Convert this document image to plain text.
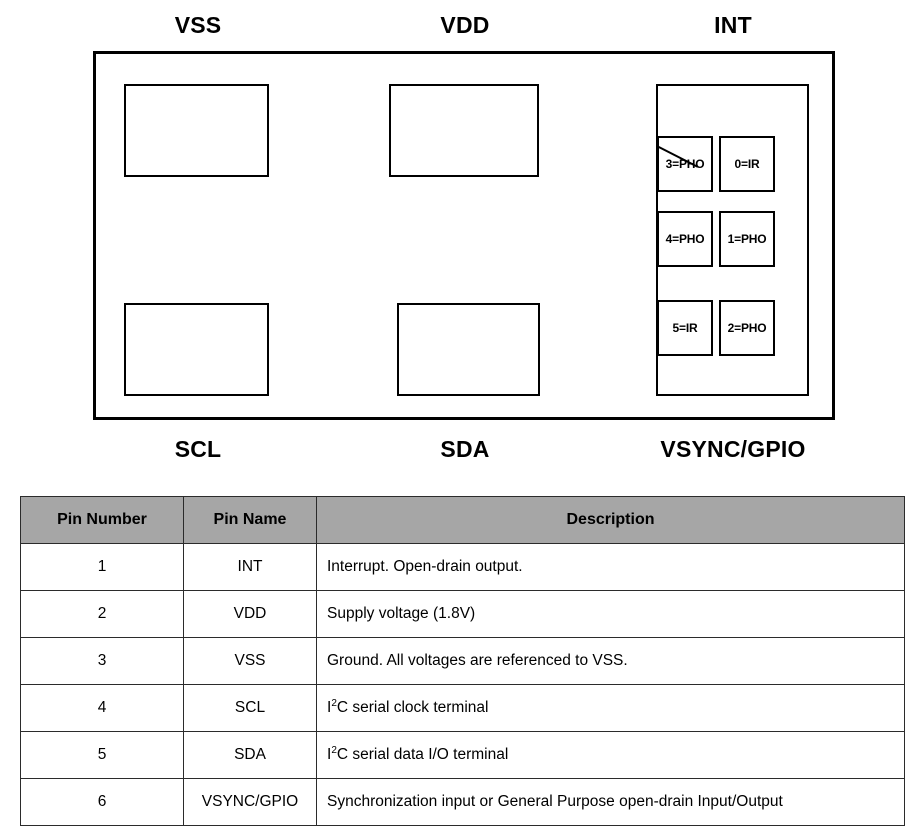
VSS	VDD	INT
3=PHO	0=IR
4=PHO	1=PHO
5=IR	2=PHO
SCL	SDA	VSYNC/GPIO
Pin Number	Pin Name	Description
1	INT	Interrupt. Open-drain output.
2	VDD	Supply voltage (1.8V)
3	VSS	Ground. All voltages are referenced to VSS.
4	SCL	$I^2C$ serial clock terminal
5	SDA	$I^2C$ serial data I/O terminal
6	VSYNC/GPIO	Synchronization input or General Purpose open-drain Input/Output
